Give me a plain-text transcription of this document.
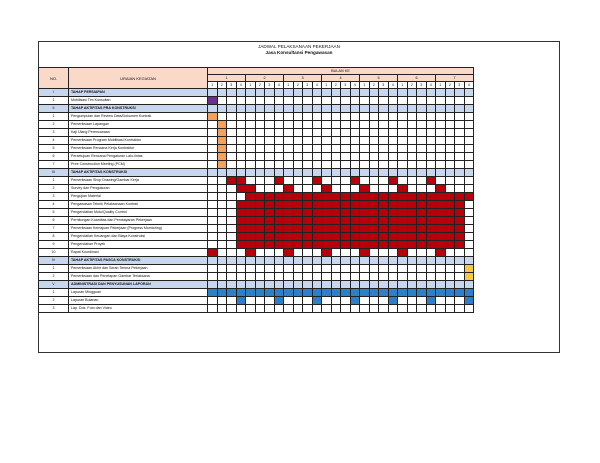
JADWAL PELAKSANAAN PEKERJAAN
Jasa Konsultansi Pengawasan
NO.	URAIAN KEGIATAN	BULAN KE																											
		1				2				3				4				5				6				7			
		1	2	3	4	1	2	3	4	1	2	3	4	1	2	3	4	1	2	3	4	1	2	3	4	1	2	3	4
I	TAHAP PERSIAPAN																												
1	Mobilisasi Tim Konsultan																												
II	TAHAP AKTIFITAS PRA KONSTRUKSI																												
1	Pengumpulan dan Review Data/Dokumen Kontrak																												
2	Pemeriksaan Lapangan																												
3	Kaji Ulang Perencanaan																												
4	Pemeriksaan Program Mobilisasi Kontraktor																												
5	Pemeriksaan Rencana Kerja Kontraktor																												
6	Persetujuan Rencana Pengaturan Lalu-lintas																												
7	Pree Construction Meeting (PCM)																												
III	TAHAP AKTIFITAS KONSTRUKSI																												
1	Pemeriksaan Shop Drawing/Gambar Kerja																												
2	Survey dan Pengukuran																												
3	Pengujian Material																												
4	Pengawasan Teknik Pelaksanaan Kontrak																												
5	Pengendalian Mutu/Quality Control																												
6	Perhitungan Kuantitas dan Pembayaran Pekerjaan																												
7	Pemeriksaan Kemajuan Pekerjaan (Progress Monitoring)																												
8	Pengendalian Keuangan dan Biaya Konstruksi																												
9	Pengendalian Proyek																												
10	Rapat Koordinasi																												
IV	TAHAP AKTIFITAS PASCA KONSTRUKSI																												
1	Pemeriksaan Akhir dan Serah Terima Pekerjaan																												
2	Pemeriksaan dan Penetapan Gambar Terlaksana																												
V	ADMINISTRASI DAN PENYUSUNAN LAPORAN																												
1	Laporan Mingguan																												
2	Laporan Bulanan																												
3	Lap. Dok. Foto dan Video																												
